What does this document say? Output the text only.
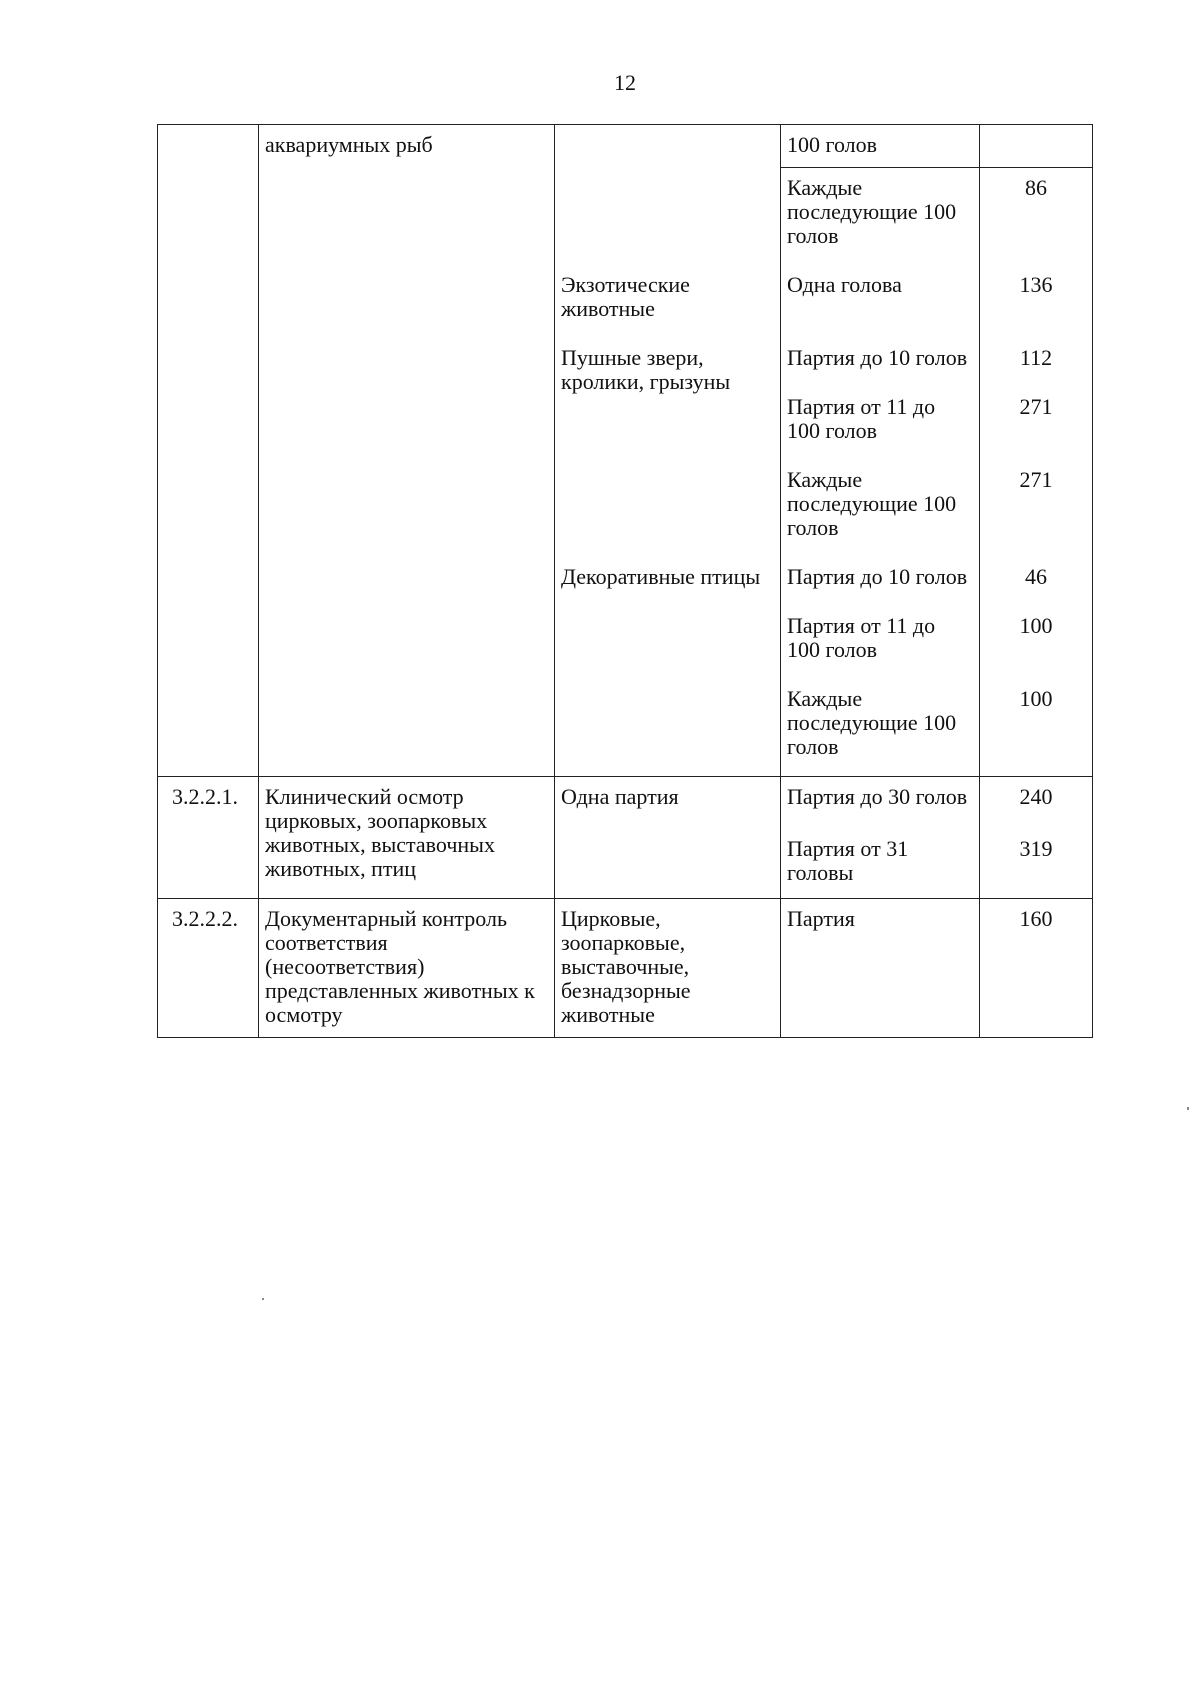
12

	аквариумных рыб		100 голов	

			Каждые последующие 100 голов	86

		Экзотические животные	Одна голова	136

		Пушные звери, кролики, грызуны	Партия до 10 голов	112

			Партия от 11 до 100 голов	271

			Каждые последующие 100 голов	271

		Декоративные птицы	Партия до 10 голов	46

			Партия от 11 до 100 голов	100

			Каждые последующие 100 голов	100

3.2.2.1.	Клинический осмотр цирковых, зоопарковых животных, выставочных животных, птиц	Одна партия	Партия до 30 голов	240

			Партия от 31 головы	319

3.2.2.2.	Документарный контроль соответствия (несоответствия) представленных животных к осмотру	Цирковые, зоопарковые, выставочные, безнадзорные животные	Партия	160
